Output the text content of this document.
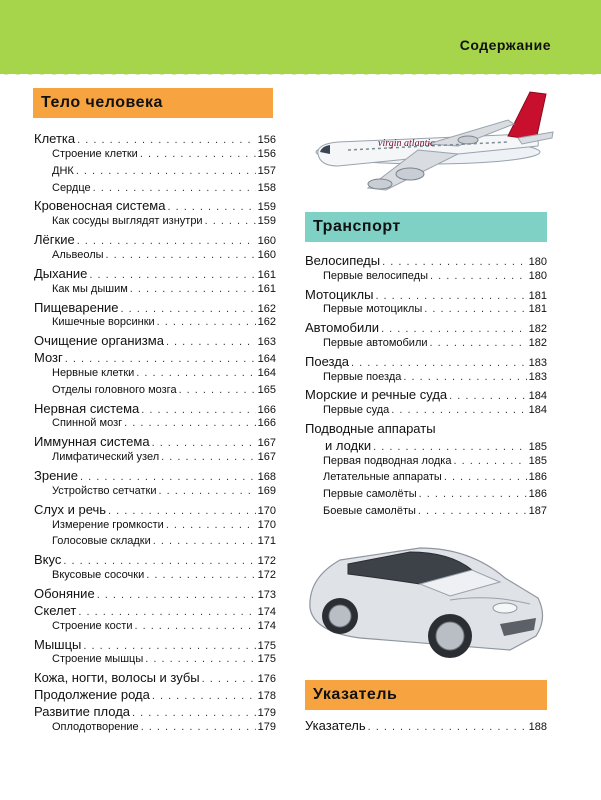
Содержание
Тело человека
Клетка . . .	156
Строение клетки . . .	156
ДНК . . .	157
Сердце . . .	158
Кровеносная система . . .	159
Как сосуды выглядят изнутри . . .	159
Лёгкие . . .	160
Альвеолы . . .	160
Дыхание . . .	161
Как мы дышим . . .	161
Пищеварение . . .	162
Кишечные ворсинки . . .	162
Очищение организма . . .	163
Мозг . . .	164
Нервные клетки . . .	164
Отделы головного мозга . . .	165
Нервная система . . .	166
Спинной мозг . . .	166
Иммунная система . . .	167
Лимфатический узел . . .	167
Зрение . . .	168
Устройство сетчатки . . .	169
Слух и речь . . .	170
Измерение громкости . . .	170
Голосовые складки . . .	171
Вкус . . .	172
Вкусовые сосочки . . .	172
Обоняние . . .	173
Скелет . . .	174
Строение кости . . .	174
Мышцы . . .	175
Строение мышцы . . .	175
Кожа, ногти, волосы и зубы . . .	176
Продолжение рода . . .	178
Развитие плода . . .	179
Оплодотворение . . .	179
virgin atlantic
Транспорт
Велосипеды . . .	180
Первые велосипеды . . .	180
Мотоциклы . . .	181
Первые мотоциклы . . .	181
Автомобили . . .	182
Первые автомобили . . .	182
Поезда . . .	183
Первые поезда . . .	183
Морские и речные суда . . .	184
Первые суда . . .	184
Подводные аппараты
и лодки . . .	185
Первая подводная лодка . . .	185
Летательные аппараты . . .	186
Первые самолёты . . .	186
Боевые самолёты . . .	187
Указатель
Указатель . . .	188
